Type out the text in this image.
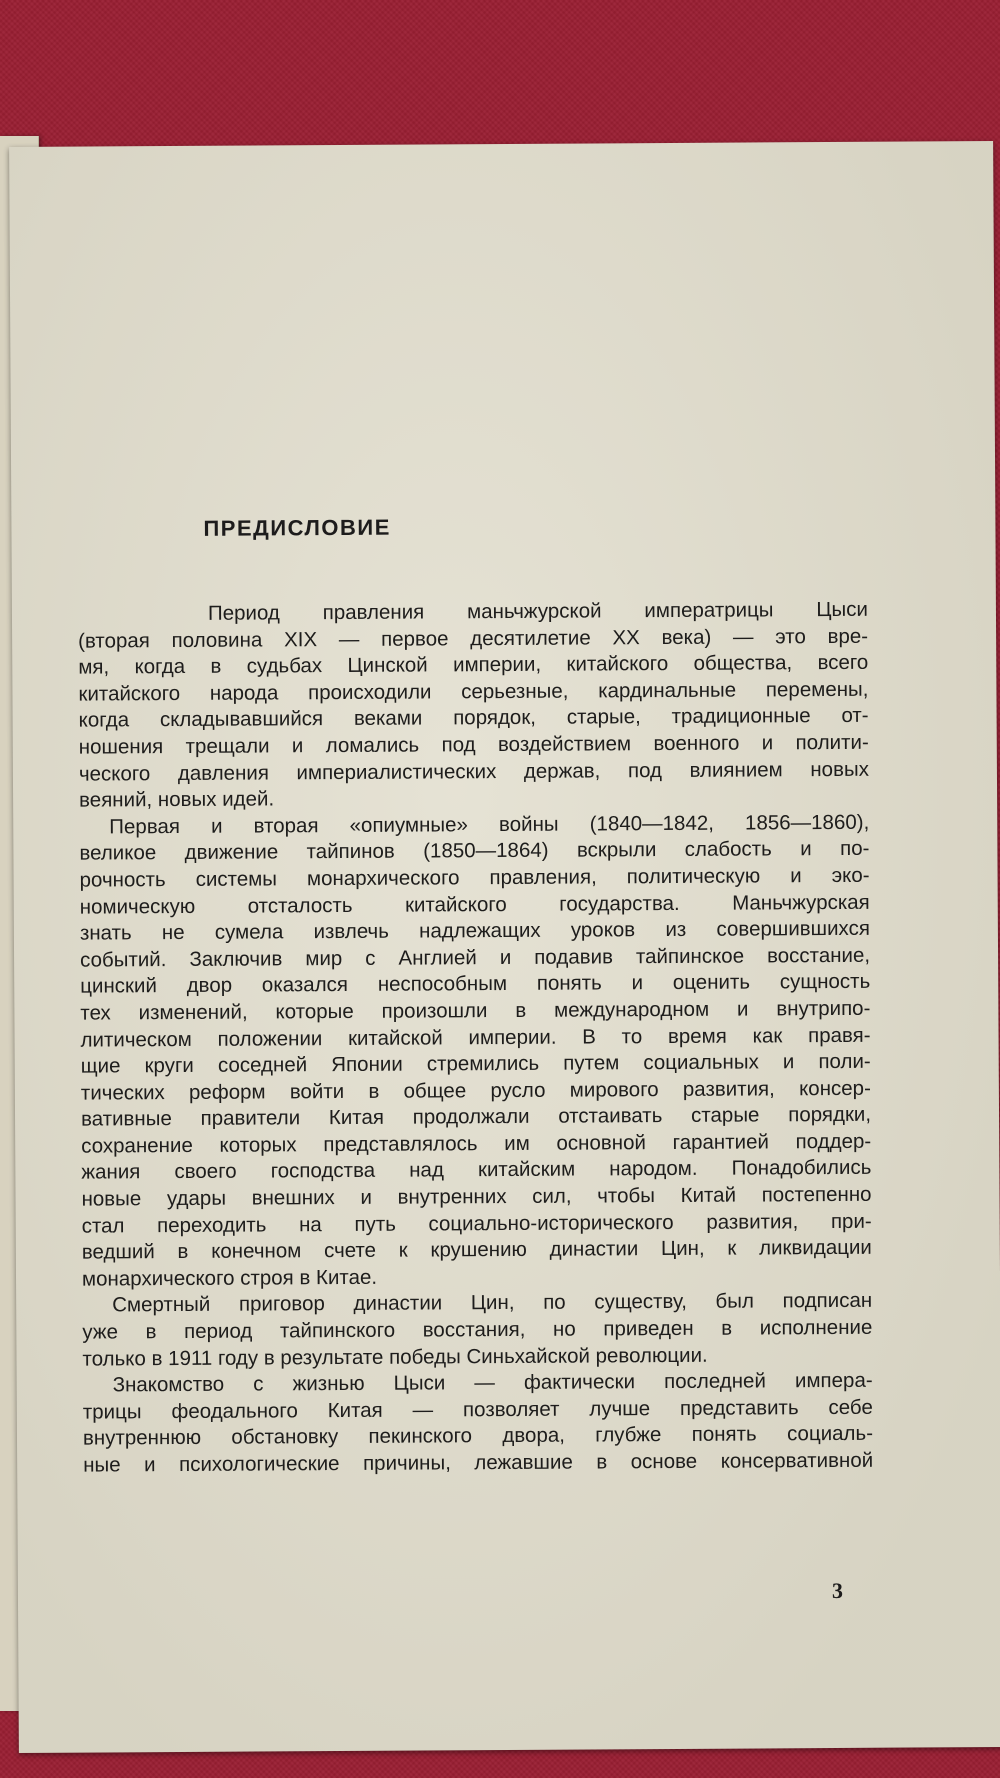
ПРЕДИСЛОВИЕ
Период правления маньчжурской императрицы Цыси
(вторая половина XIX — первое десятилетие XX века) — это вре-
мя, когда в судьбах Цинской империи, китайского общества, всего
китайского народа происходили серьезные, кардинальные перемены,
когда складывавшийся веками порядок, старые, традиционные от-
ношения трещали и ломались под воздействием военного и полити-
ческого давления империалистических держав, под влиянием новых
веяний, новых идей.
Первая и вторая «опиумные» войны (1840—1842, 1856—1860),
великое движение тайпинов (1850—1864) вскрыли слабость и по-
рочность системы монархического правления, политическую и эко-
номическую отсталость китайского государства. Маньчжурская
знать не сумела извлечь надлежащих уроков из совершившихся
событий. Заключив мир с Англией и подавив тайпинское восстание,
цинский двор оказался неспособным понять и оценить сущность
тех изменений, которые произошли в международном и внутрипо-
литическом положении китайской империи. В то время как правя-
щие круги соседней Японии стремились путем социальных и поли-
тических реформ войти в общее русло мирового развития, консер-
вативные правители Китая продолжали отстаивать старые порядки,
сохранение которых представлялось им основной гарантией поддер-
жания своего господства над китайским народом. Понадобились
новые удары внешних и внутренних сил, чтобы Китай постепенно
стал переходить на путь социально-исторического развития, при-
ведший в конечном счете к крушению династии Цин, к ликвидации
монархического строя в Китае.
Смертный приговор династии Цин, по существу, был подписан
уже в период тайпинского восстания, но приведен в исполнение
только в 1911 году в результате победы Синьхайской революции.
Знакомство с жизнью Цыси — фактически последней импера-
трицы феодального Китая — позволяет лучше представить себе
внутреннюю обстановку пекинского двора, глубже понять социаль-
ные и психологические причины, лежавшие в основе консервативной
3
